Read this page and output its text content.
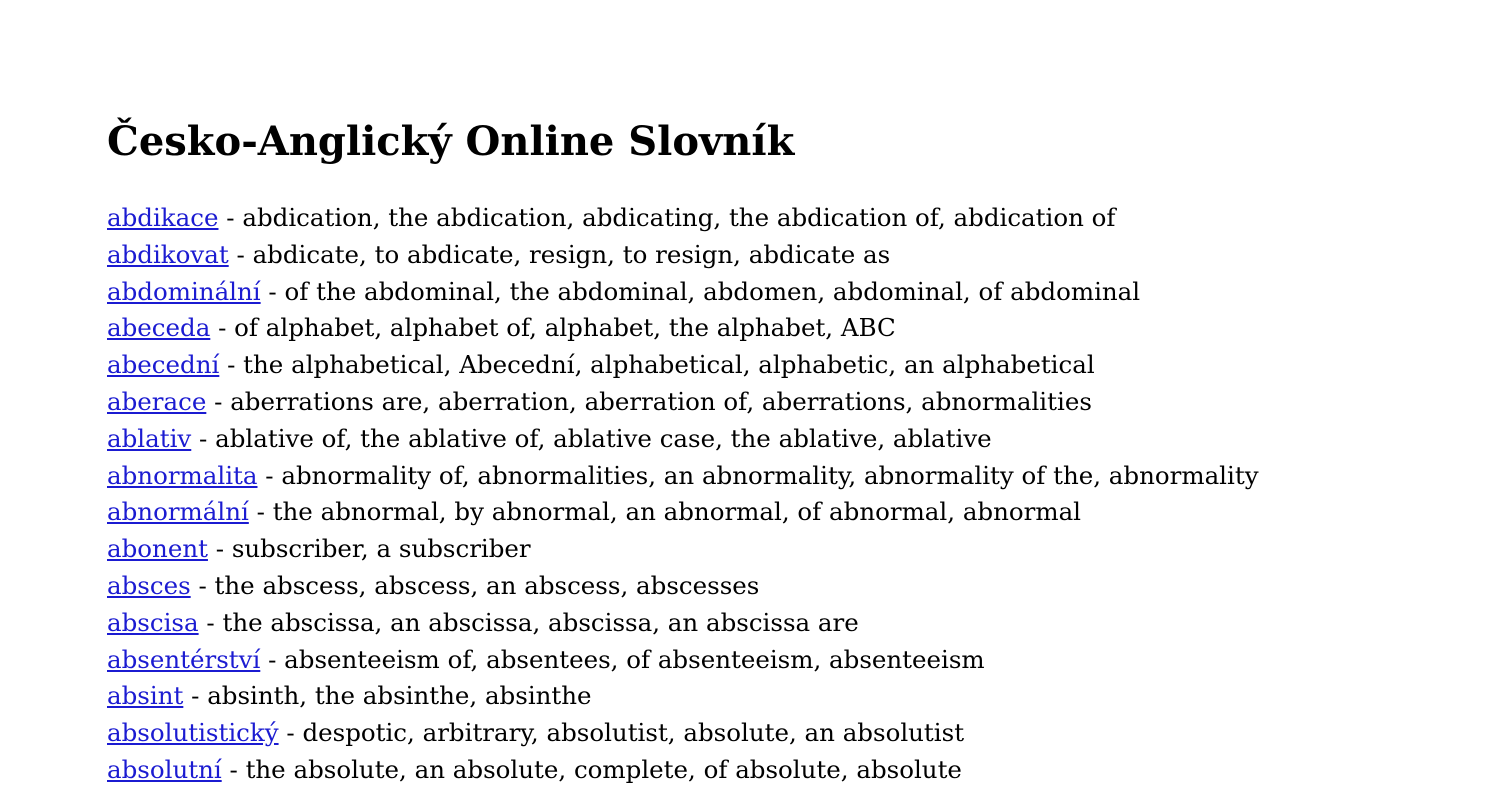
Česko-Anglický Online Slovník
abdikace - abdication, the abdication, abdicating, the abdication of, abdication of
abdikovat - abdicate, to abdicate, resign, to resign, abdicate as
abdominální - of the abdominal, the abdominal, abdomen, abdominal, of abdominal
abeceda - of alphabet, alphabet of, alphabet, the alphabet, ABC
abecední - the alphabetical, Abecední, alphabetical, alphabetic, an alphabetical
aberace - aberrations are, aberration, aberration of, aberrations, abnormalities
ablativ - ablative of, the ablative of, ablative case, the ablative, ablative
abnormalita - abnormality of, abnormalities, an abnormality, abnormality of the, abnormality
abnormální - the abnormal, by abnormal, an abnormal, of abnormal, abnormal
abonent - subscriber, a subscriber
absces - the abscess, abscess, an abscess, abscesses
abscisa - the abscissa, an abscissa, abscissa, an abscissa are
absentérství - absenteeism of, absentees, of absenteeism, absenteeism
absint - absinth, the absinthe, absinthe
absolutistický - despotic, arbitrary, absolutist, absolute, an absolutist
absolutní - the absolute, an absolute, complete, of absolute, absolute
